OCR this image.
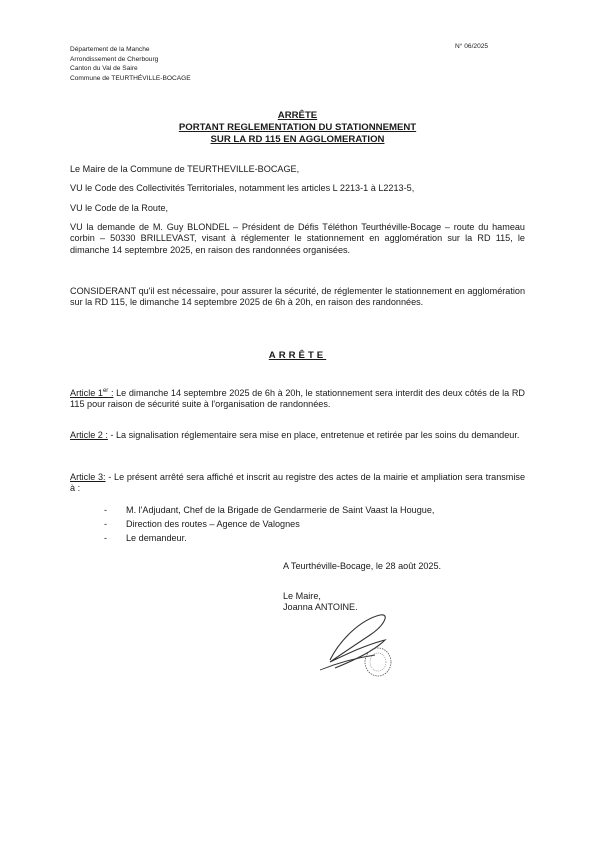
Département de la Manche
Arrondissement de Cherbourg
Canton du Val de Saire
Commune de TEURTHÉVILLE-BOCAGE
N° 06/2025
ARRÊTE
PORTANT REGLEMENTATION DU STATIONNEMENT
SUR LA RD 115 EN AGGLOMERATION

Le Maire de la Commune de TEURTHEVILLE-BOCAGE,

VU le Code des Collectivités Territoriales, notamment les articles L 2213-1 à L2213-5,

VU le Code de la Route,

VU la demande de M. Guy BLONDEL – Président de Défis Téléthon Teurthéville-Bocage – route du hameau corbin – 50330 BRILLEVAST, visant à réglementer le stationnement en agglomération sur la RD 115, le dimanche 14 septembre 2025, en raison des randonnées organisées.

CONSIDERANT qu'il est nécessaire, pour assurer la sécurité, de réglementer le stationnement en agglomération sur la RD 115, le dimanche 14 septembre 2025 de 6h à 20h, en raison des randonnées.

ARRÊTE

Article 1er : Le dimanche 14 septembre 2025 de 6h à 20h, le stationnement sera interdit des deux côtés de la RD 115 pour raison de sécurité suite à l'organisation de randonnées.

Article 2 : - La signalisation réglementaire sera mise en place, entretenue et retirée par les soins du demandeur.

Article 3: - Le présent arrêté sera affiché et inscrit au registre des actes de la mairie et ampliation sera transmise à :

- M. l'Adjudant, Chef de la Brigade de Gendarmerie de Saint Vaast la Hougue,
- Direction des routes – Agence de Valognes
- Le demandeur.
A Teurthéville-Bocage, le 28 août 2025.
Le Maire,
Joanna ANTOINE.
